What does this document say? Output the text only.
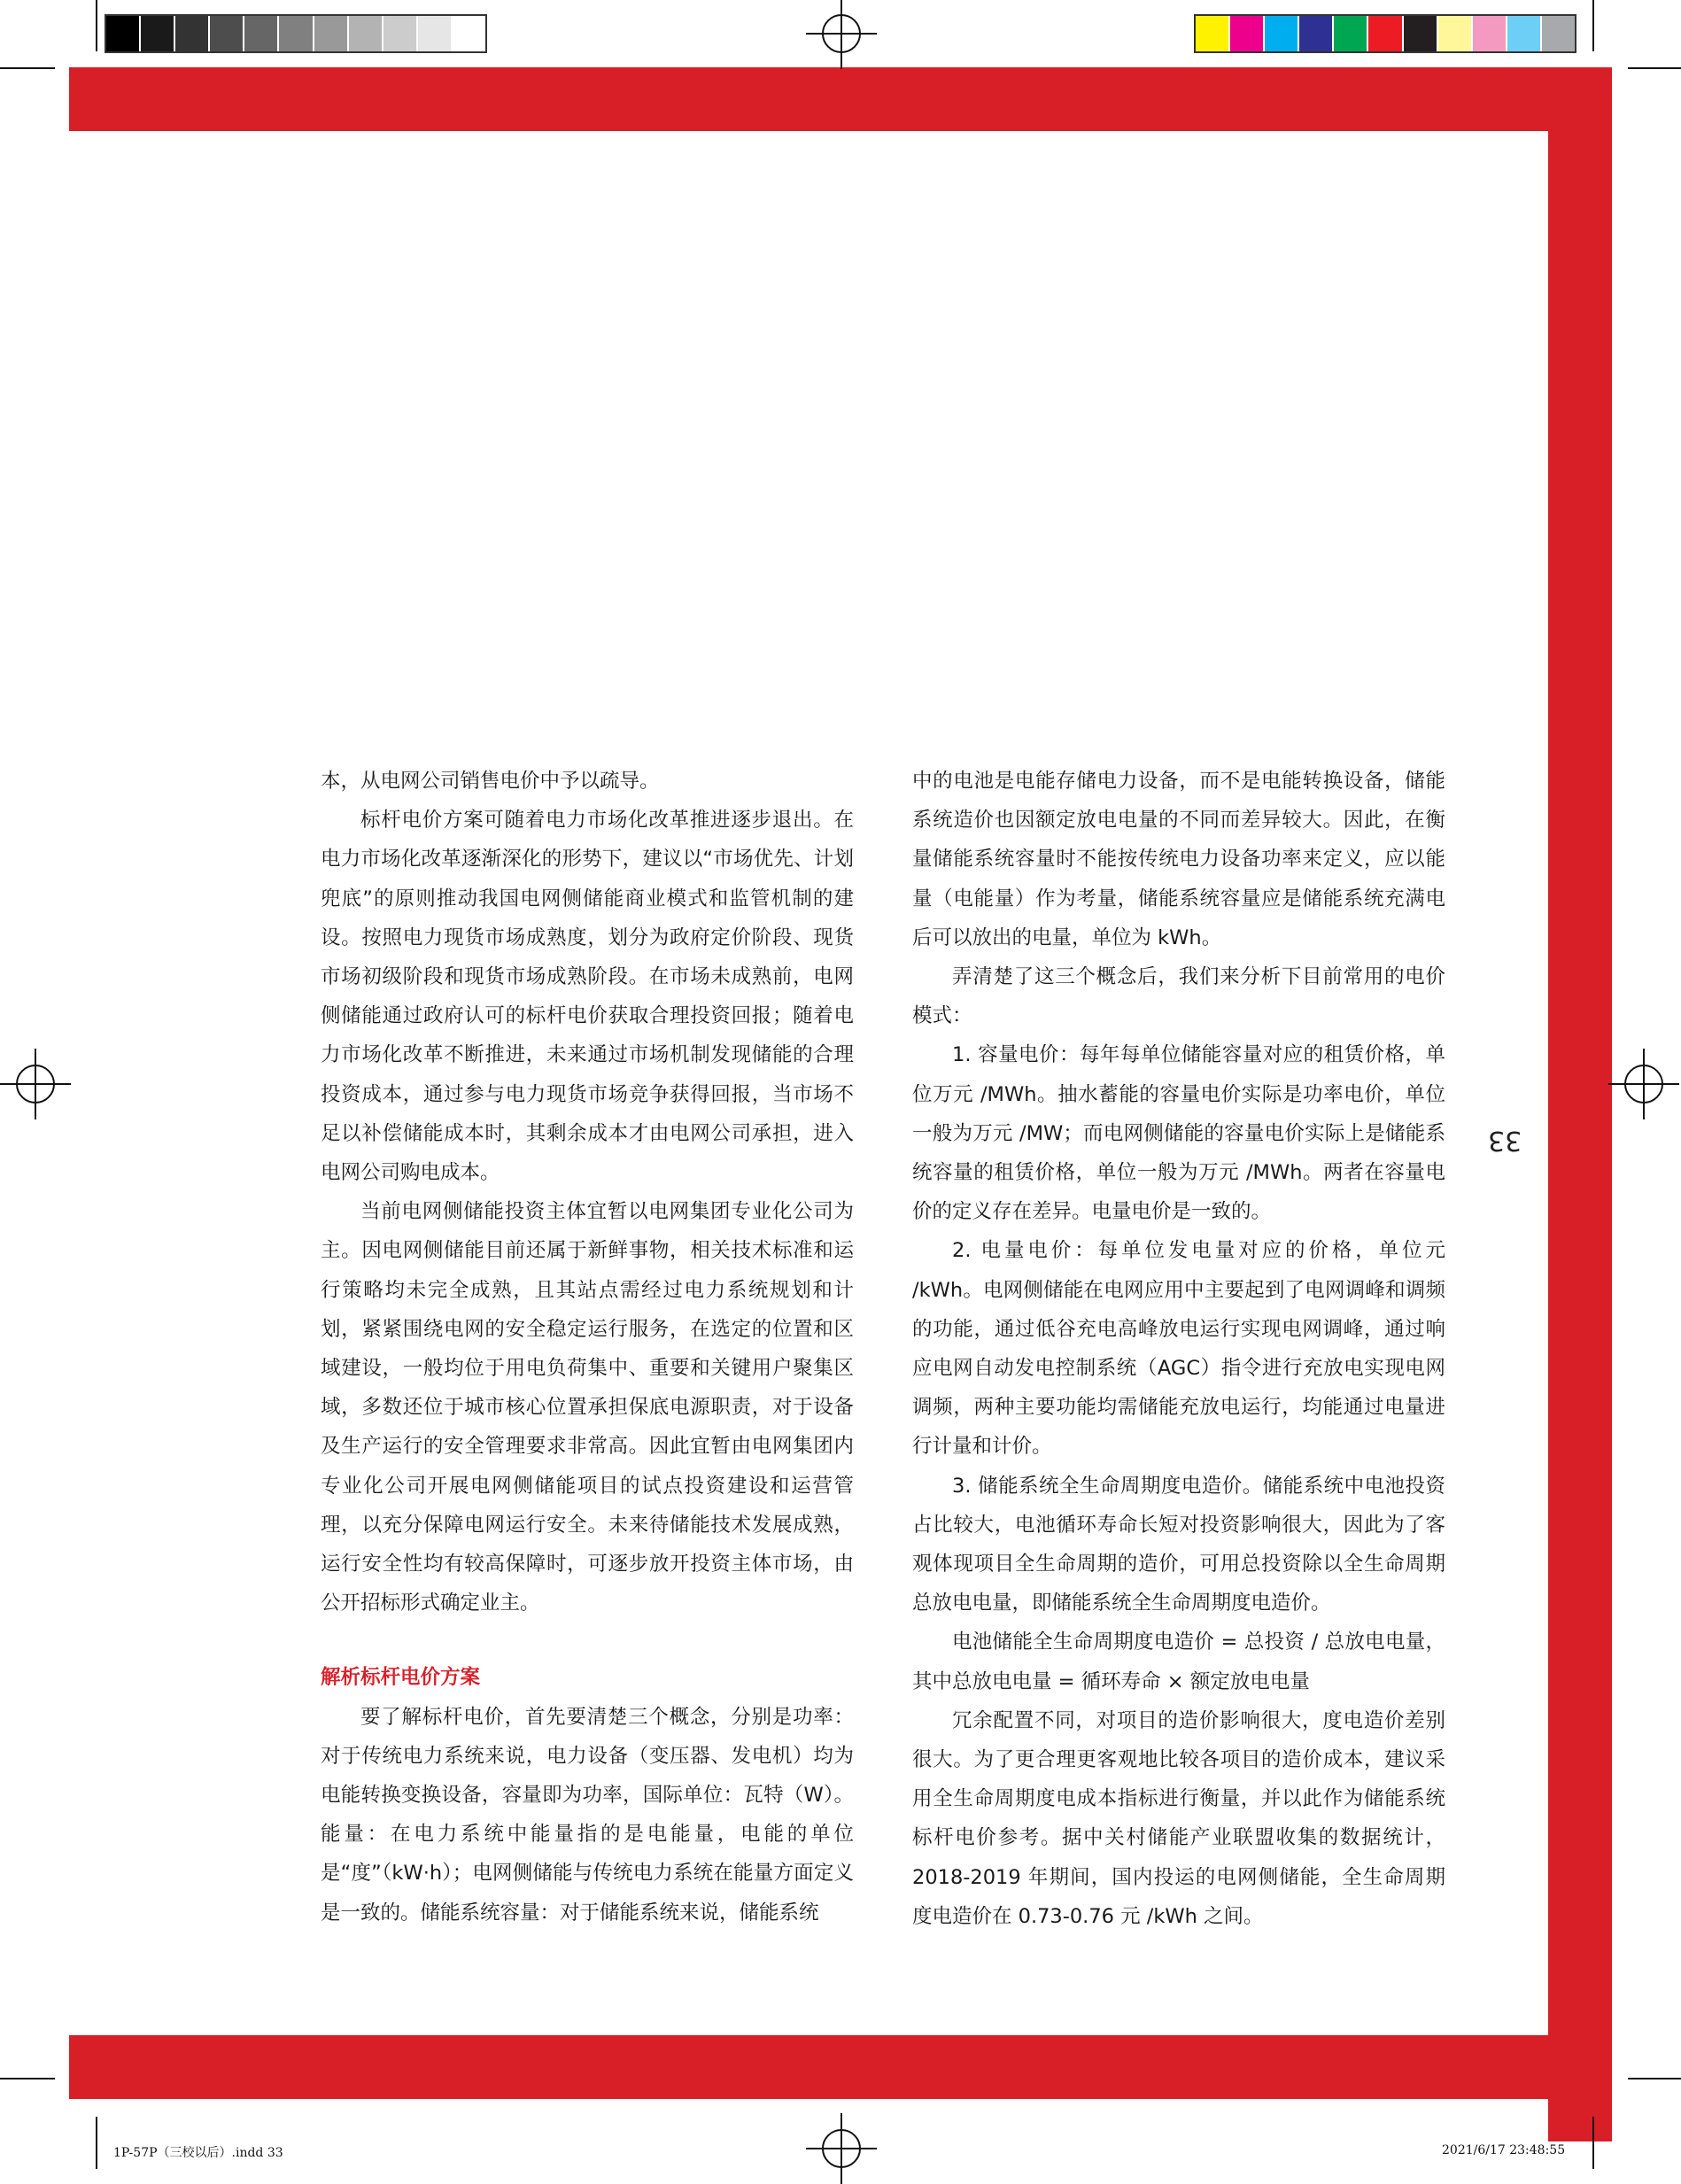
本，从电网公司销售电价中予以疏导。

标杆电价方案可随着电力市场化改革推进逐步退出。在电力市场化改革逐渐深化的形势下，建议以“市场优先、计划兜底”的原则推动我国电网侧储能商业模式和监管机制的建设。按照电力现货市场成熟度，划分为政府定价阶段、现货市场初级阶段和现货市场成熟阶段。在市场未成熟前，电网侧储能通过政府认可的标杆电价获取合理投资回报；随着电力市场化改革不断推进，未来通过市场机制发现储能的合理投资成本，通过参与电力现货市场竞争获得回报，当市场不足以补偿储能成本时，其剩余成本才由电网公司承担，进入电网公司购电成本。

当前电网侧储能投资主体宜暂以电网集团专业化公司为主。因电网侧储能目前还属于新鲜事物，相关技术标准和运行策略均未完全成熟，且其站点需经过电力系统规划和计划，紧紧围绕电网的安全稳定运行服务，在选定的位置和区域建设，一般均位于用电负荷集中、重要和关键用户聚集区域，多数还位于城市核心位置承担保底电源职责，对于设备及生产运行的安全管理要求非常高。因此宜暂由电网集团内专业化公司开展电网侧储能项目的试点投资建设和运营管理，以充分保障电网运行安全。未来待储能技术发展成熟，运行安全性均有较高保障时，可逐步放开投资主体市场，由公开招标形式确定业主。

解析标杆电价方案

要了解标杆电价，首先要清楚三个概念，分别是功率：对于传统电力系统来说，电力设备（变压器、发电机）均为电能转换变换设备，容量即为功率，国际单位：瓦特（W）。能量：在电力系统中能量指的是电能量，电能的单位是“度”（kW·h）；电网侧储能与传统电力系统在能量方面定义是一致的。储能系统容量：对于储能系统来说，储能系统

中的电池是电能存储电力设备，而不是电能转换设备，储能系统造价也因额定放电电量的不同而差异较大。因此，在衡量储能系统容量时不能按传统电力设备功率来定义，应以能量（电能量）作为考量，储能系统容量应是储能系统充满电后可以放出的电量，单位为 kWh。

弄清楚了这三个概念后，我们来分析下目前常用的电价模式：

1. 容量电价：每年每单位储能容量对应的租赁价格，单位万元 /MWh。抽水蓄能的容量电价实际是功率电价，单位一般为万元 /MW；而电网侧储能的容量电价实际上是储能系统容量的租赁价格，单位一般为万元 /MWh。两者在容量电价的定义存在差异。电量电价是一致的。

2. 电量电价：每单位发电量对应的价格，单位元 /kWh。电网侧储能在电网应用中主要起到了电网调峰和调频的功能，通过低谷充电高峰放电运行实现电网调峰，通过响应电网自动发电控制系统（AGC）指令进行充放电实现电网调频，两种主要功能均需储能充放电运行，均能通过电量进行计量和计价。

3. 储能系统全生命周期度电造价。储能系统中电池投资占比较大，电池循环寿命长短对投资影响很大，因此为了客观体现项目全生命周期的造价，可用总投资除以全生命周期总放电电量，即储能系统全生命周期度电造价。

电池储能全生命周期度电造价 = 总投资 / 总放电电量，其中总放电电量 = 循环寿命 × 额定放电电量

冗余配置不同，对项目的造价影响很大，度电造价差别很大。为了更合理更客观地比较各项目的造价成本，建议采用全生命周期度电成本指标进行衡量，并以此作为储能系统标杆电价参考。据中关村储能产业联盟收集的数据统计，2018-2019 年期间，国内投运的电网侧储能，全生命周期度电造价在 0.73-0.76 元 /kWh 之间。

33
1P-57P（三校以后）.indd 33	2021/6/17 23:48:55
